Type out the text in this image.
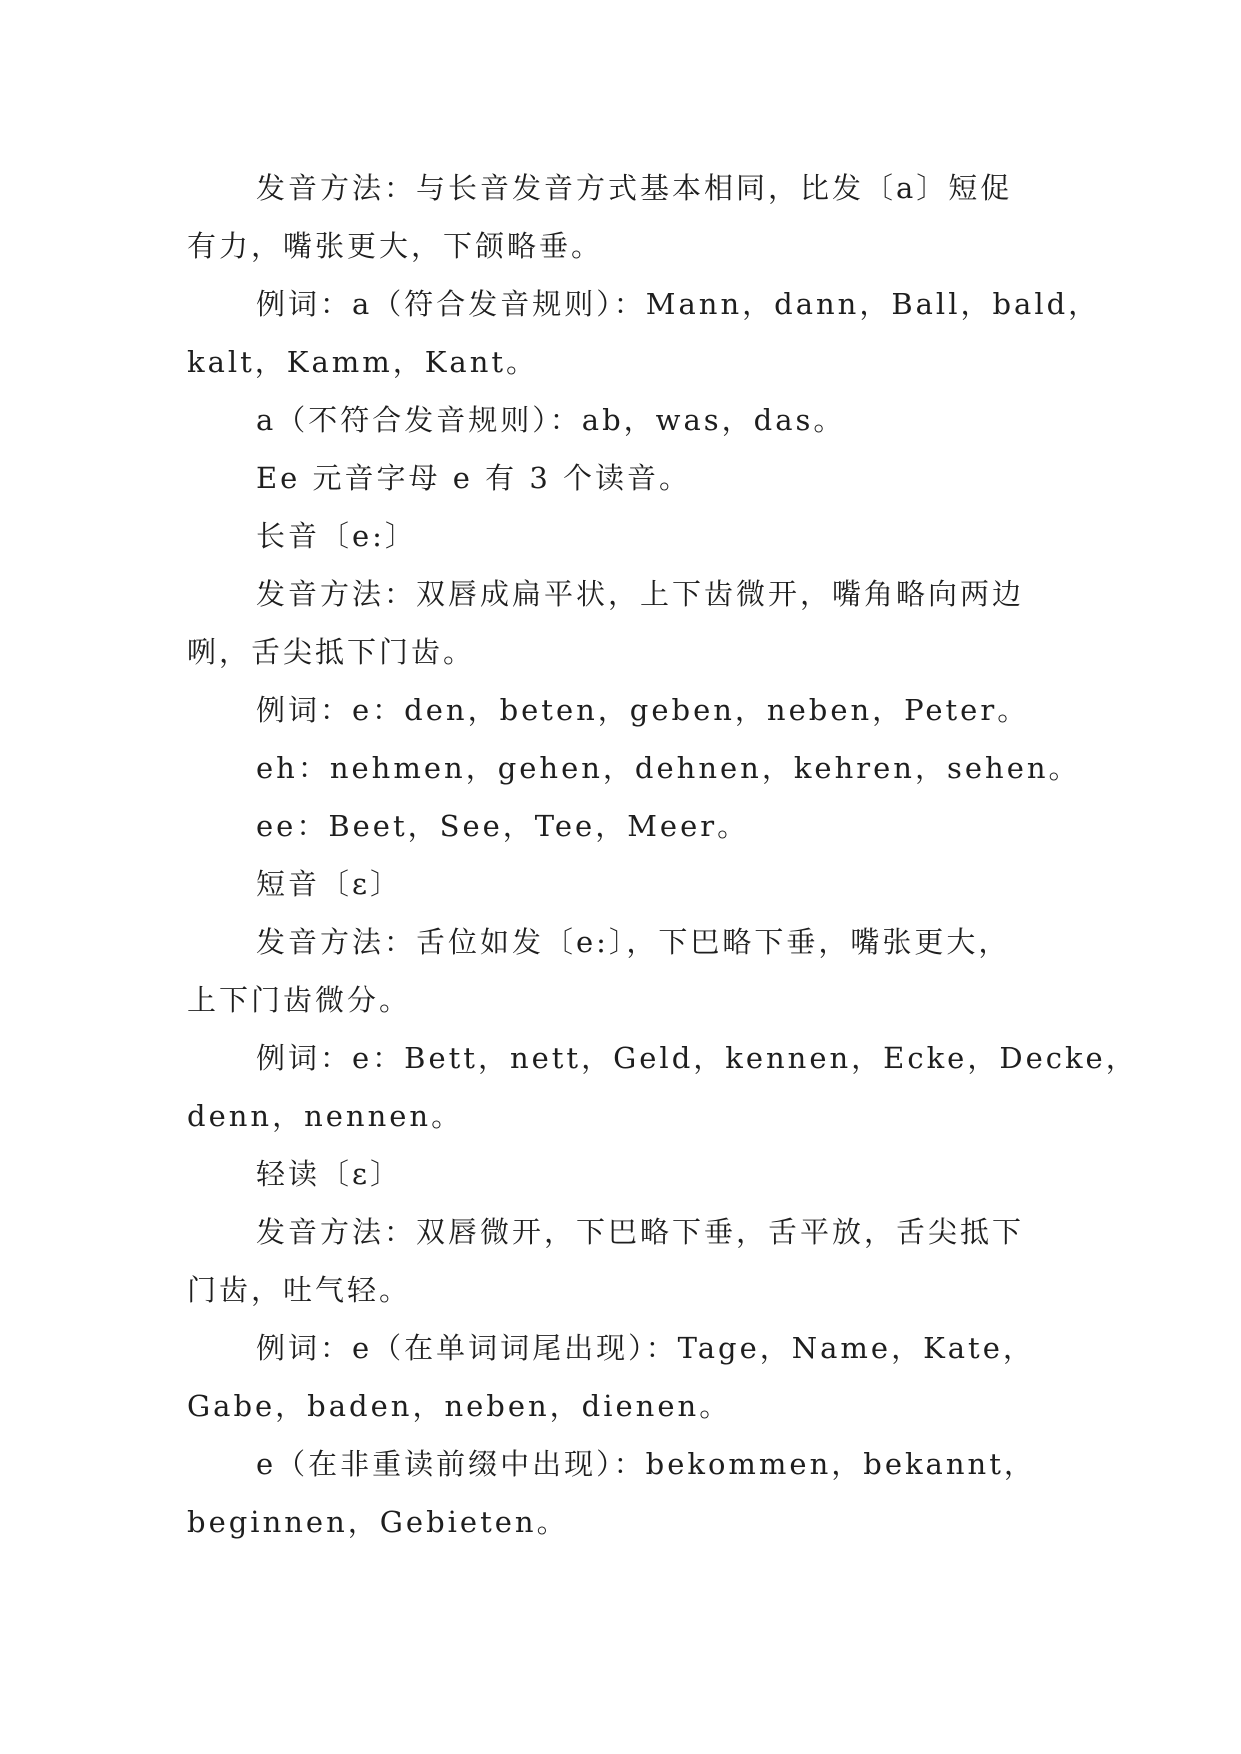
发音方法：与长音发音方式基本相同，比发〔a〕短促
有力，嘴张更大，下颌略垂。
例词：a（符合发音规则）：Mann，dann，Ball，bald，
kalt，Kamm，Kant。
a（不符合发音规则）：ab，was，das。
Ee 元音字母 e 有 3 个读音。
长音〔e:〕
发音方法：双唇成扁平状，上下齿微开，嘴角略向两边
咧，舌尖抵下门齿。
例词：e：den，beten，geben，neben，Peter。
eh：nehmen，gehen，dehnen，kehren，sehen。
ee：Beet，See，Tee，Meer。
短音〔ε〕
发音方法：舌位如发〔e:〕，下巴略下垂，嘴张更大，
上下门齿微分。
例词：e：Bett，nett，Geld，kennen，Ecke，Decke，
denn，nennen。
轻读〔ε〕
发音方法：双唇微开，下巴略下垂，舌平放，舌尖抵下
门齿，吐气轻。
例词：e（在单词词尾出现）：Tage，Name，Kate，
Gabe，baden，neben，dienen。
e（在非重读前缀中出现）：bekommen，bekannt，
beginnen，Gebieten。
